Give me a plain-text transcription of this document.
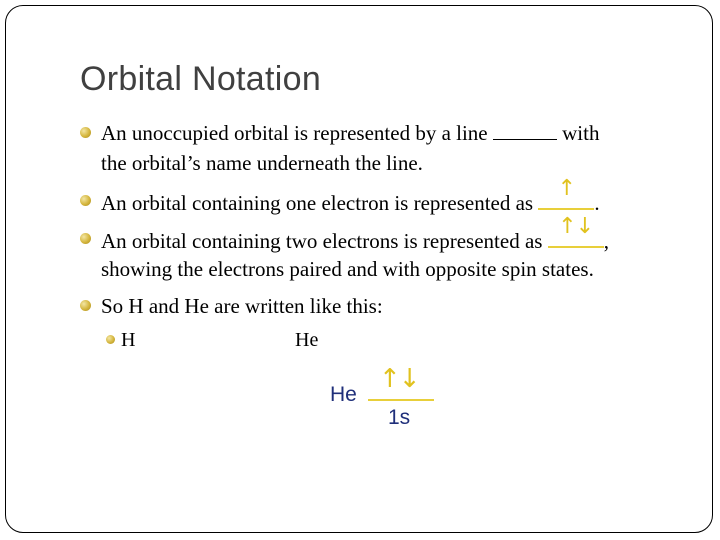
Orbital Notation
An unoccupied orbital is represented by a line	with
the orbital’s name underneath the line.
An orbital containing one electron is represented as
↑
.
An orbital containing two electrons is represented as
↑↓
,
showing the electrons paired and with opposite spin states.
So H and He are written like this:
H	He
He
↑↓
1s
